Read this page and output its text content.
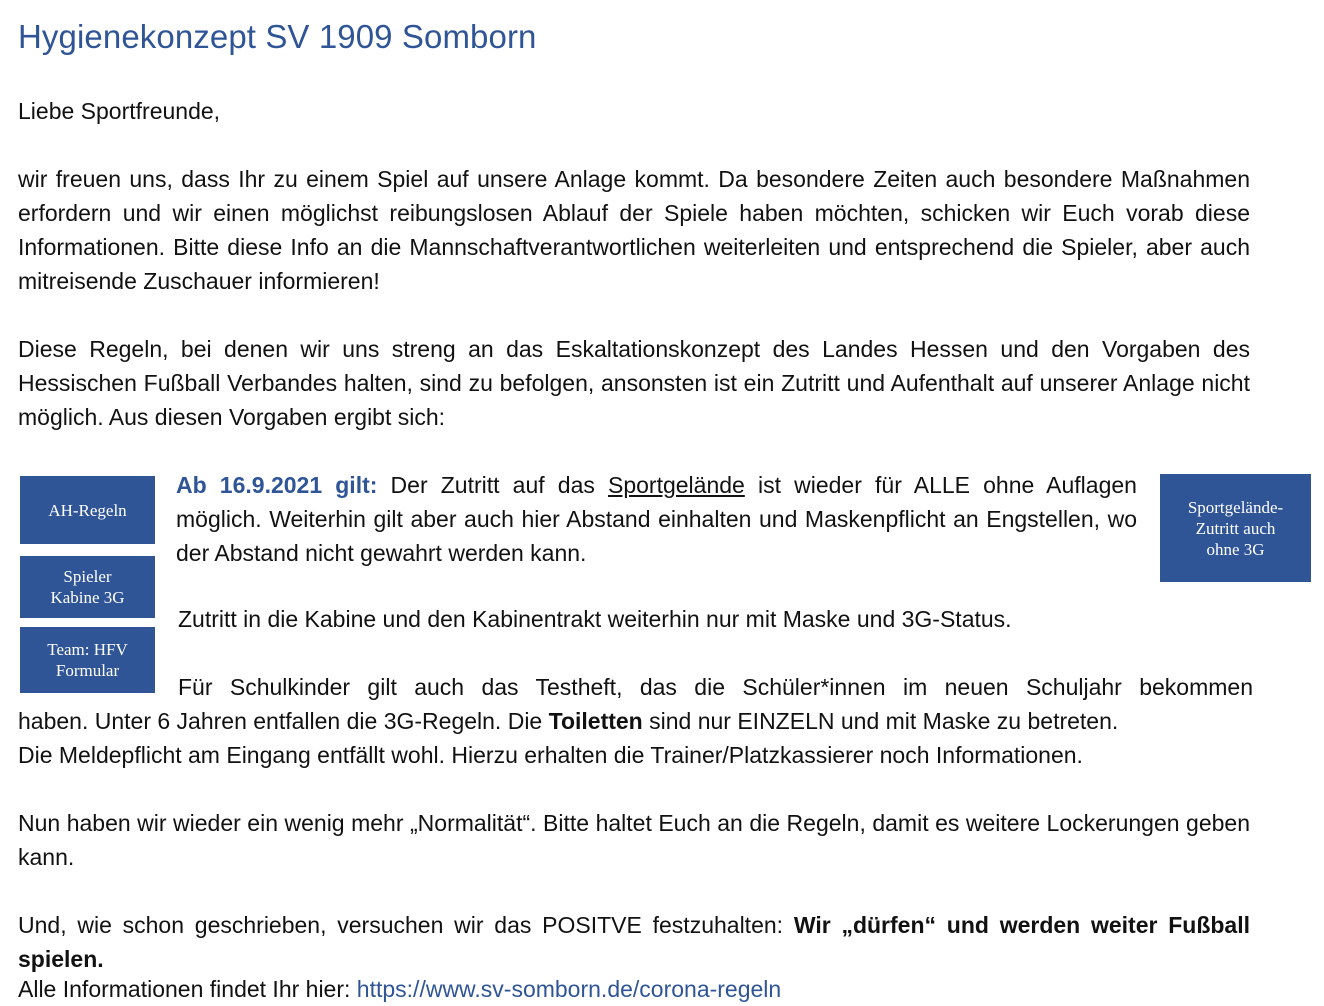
Hygienekonzept SV 1909 Somborn

Liebe Sportfreunde,

wir freuen uns, dass Ihr zu einem Spiel auf unsere Anlage kommt. Da besondere Zeiten auch besondere Maßnahmen erfordern und wir einen möglichst reibungslosen Ablauf der Spiele haben möchten, schicken wir Euch vorab diese Informationen. Bitte diese Info an die Mannschaftverantwortlichen weiterleiten und entsprechend die Spieler, aber auch mitreisende Zuschauer informieren!

Diese Regeln, bei denen wir uns streng an das Eskaltationskonzept des Landes Hessen und den Vorgaben des Hessischen Fußball Verbandes halten, sind zu befolgen, ansonsten ist ein Zutritt und Aufenthalt auf unserer Anlage nicht möglich. Aus diesen Vorgaben ergibt sich:

AH-Regeln
Spieler
Kabine 3G
Team: HFV
Formular
Sportgelände-
Zutritt auch
ohne 3G

Ab 16.9.2021 gilt: Der Zutritt auf das Sportgelände ist wieder für ALLE ohne Auflagen möglich. Weiterhin gilt aber auch hier Abstand einhalten und Maskenpflicht an Engstellen, wo der Abstand nicht gewahrt werden kann.

Zutritt in die Kabine und den Kabinentrakt weiterhin nur mit Maske und 3G-Status.

Für Schulkinder gilt auch das Testheft, das die Schüler*innen im neuen Schuljahr bekommen

haben. Unter 6 Jahren entfallen die 3G-Regeln. Die Toiletten sind nur EINZELN und mit Maske zu betreten.

Die Meldepflicht am Eingang entfällt wohl. Hierzu erhalten die Trainer/Platzkassierer noch Informationen.

Nun haben wir wieder ein wenig mehr „Normalität“. Bitte haltet Euch an die Regeln, damit es weitere Lockerungen geben kann.

Und, wie schon geschrieben, versuchen wir das POSITVE festzuhalten: Wir „dürfen“ und werden weiter Fußball spielen.

Alle Informationen findet Ihr hier: https://www.sv-somborn.de/corona-regeln
